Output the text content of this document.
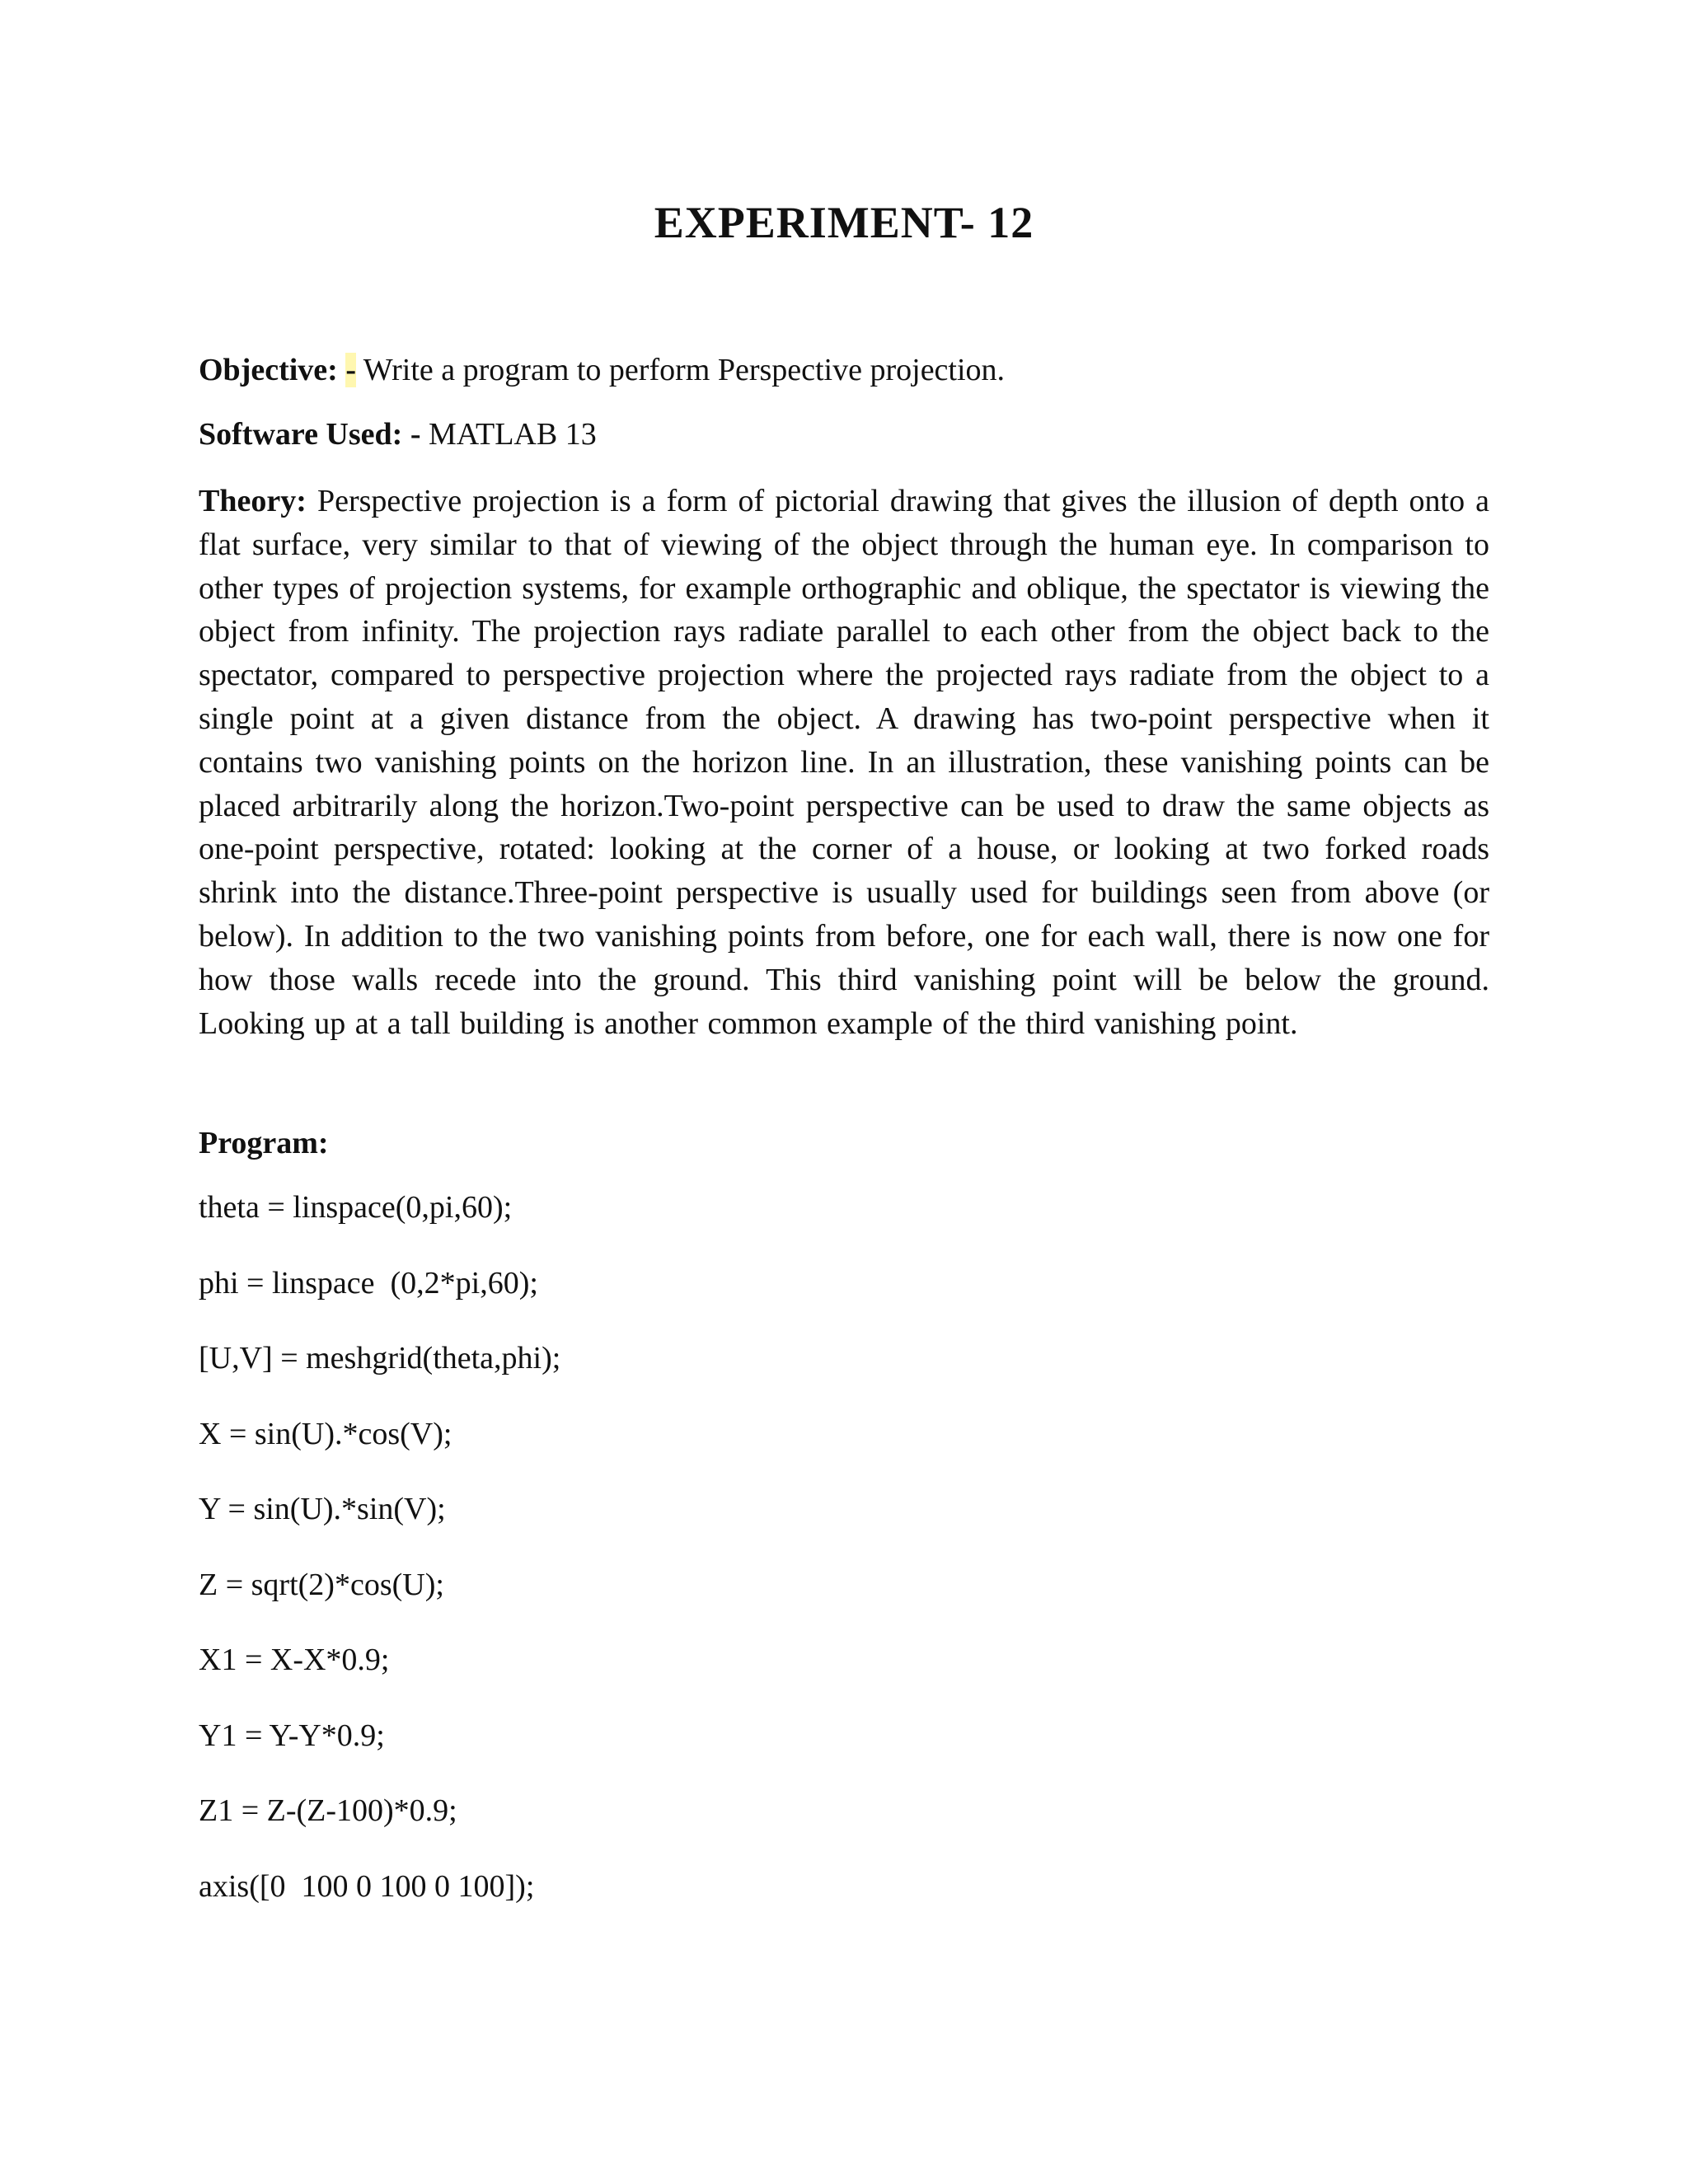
EXPERIMENT- 12
Objective: - Write a program to perform Perspective projection.
Software Used: - MATLAB 13
Theory: Perspective projection is a form of pictorial drawing that gives the illusion of depth onto a flat surface, very similar to that of viewing of the object through the human eye. In comparison to other types of projection systems, for example orthographic and oblique, the spectator is viewing the object from infinity. The projection rays radiate parallel to each other from the object back to the spectator, compared to perspective projection where the projected rays radiate from the object to a single point at a given distance from the object. A drawing has two-point perspective when it contains two vanishing points on the horizon line. In an illustration, these vanishing points can be placed arbitrarily along the horizon.Two-point perspective can be used to draw the same objects as one-point perspective, rotated: looking at the corner of a house, or looking at two forked roads shrink into the distance.Three-point perspective is usually used for buildings seen from above (or below). In addition to the two vanishing points from before, one for each wall, there is now one for how those walls recede into the ground. This third vanishing point will be below the ground. Looking up at a tall building is another common example of the third vanishing point.
Program:
theta = linspace(0,pi,60);
phi = linspace  (0,2*pi,60);
[U,V] = meshgrid(theta,phi);
X = sin(U).*cos(V);
Y = sin(U).*sin(V);
Z = sqrt(2)*cos(U);
X1 = X-X*0.9;
Y1 = Y-Y*0.9;
Z1 = Z-(Z-100)*0.9;
axis([0  100 0 100 0 100]);
